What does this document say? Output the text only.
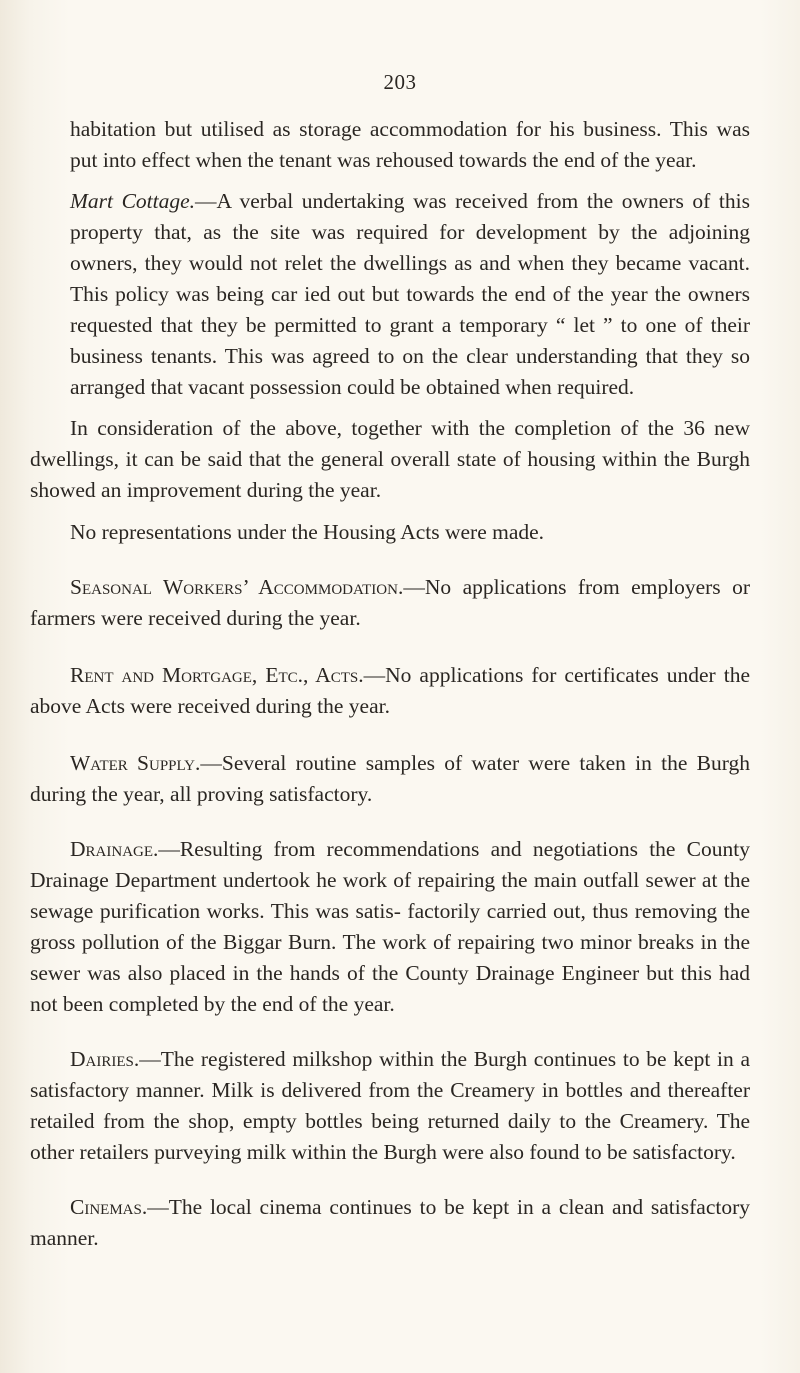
203

habitation but utilised as storage accommodation for his business. This was put into effect when the tenant was rehoused towards the end of the year.

Mart Cottage.—A verbal undertaking was received from the owners of this property that, as the site was required for development by the adjoining owners, they would not relet the dwellings as and when they became vacant. This policy was being car ied out but towards the end of the year the owners requested that they be permitted to grant a temporary “ let ” to one of their business tenants. This was agreed to on the clear understanding that they so arranged that vacant possession could be obtained when required.

In consideration of the above, together with the completion of the 36 new dwellings, it can be said that the general overall state of housing within the Burgh showed an improvement during the year.

No representations under the Housing Acts were made.

Seasonal Workers’ Accommodation.—No applications from employers or farmers were received during the year.

Rent and Mortgage, Etc., Acts.—No applications for certificates under the above Acts were received during the year.

Water Supply.—Several routine samples of water were taken in the Burgh during the year, all proving satisfactory.

Drainage.—Resulting from recommendations and negotiations the County Drainage Department undertook he work of repairing the main outfall sewer at the sewage purification works. This was satis- factorily carried out, thus removing the gross pollution of the Biggar Burn. The work of repairing two minor breaks in the sewer was also placed in the hands of the County Drainage Engineer but this had not been completed by the end of the year.

Dairies.—The registered milkshop within the Burgh continues to be kept in a satisfactory manner. Milk is delivered from the Creamery in bottles and thereafter retailed from the shop, empty bottles being returned daily to the Creamery. The other retailers purveying milk within the Burgh were also found to be satisfactory.

Cinemas.—The local cinema continues to be kept in a clean and satisfactory manner.
